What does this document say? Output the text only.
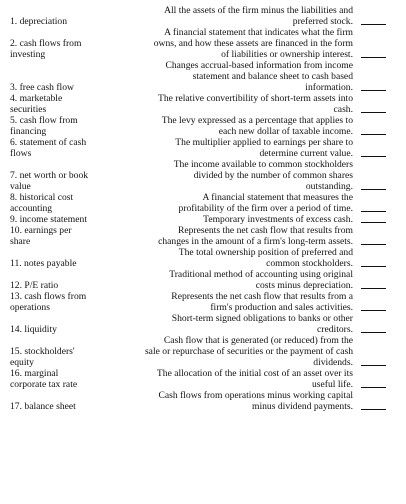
1. depreciation
All the assets of the firm minus the liabilities and
preferred stock.
2. cash flows from
investing
A financial statement that indicates what the firm
owns, and how these assets are financed in the form
of liabilities or ownership interest.
3. free cash flow
Changes accrual-based information from income
statement and balance sheet to cash based
information.
4. marketable
securities
The relative convertibility of short-term assets into
cash.
5. cash flow from
financing
The levy expressed as a percentage that applies to
each new dollar of taxable income.
6. statement of cash
flows
The multiplier applied to earnings per share to
determine current value.
7. net worth or book
value
The income available to common stockholders
divided by the number of common shares
outstanding.
8. historical cost
accounting
A financial statement that measures the
profitability of the firm over a period of time.
9. income statement	Temporary investments of excess cash.
10. earnings per
share
Represents the net cash flow that results from
changes in the amount of a firm's long-term assets.
11. notes payable
The total ownership position of preferred and
common stockholders.
12. P/E ratio
Traditional method of accounting using original
costs minus depreciation.
13. cash flows from
operations
Represents the net cash flow that results from a
firm's production and sales activities.
14. liquidity
Short-term signed obligations to banks or other
creditors.
15. stockholders'
equity
Cash flow that is generated (or reduced) from the
sale or repurchase of securities or the payment of cash
dividends.
16. marginal
corporate tax rate
The allocation of the initial cost of an asset over its
useful life.
17. balance sheet
Cash flows from operations minus working capital
minus dividend payments.
